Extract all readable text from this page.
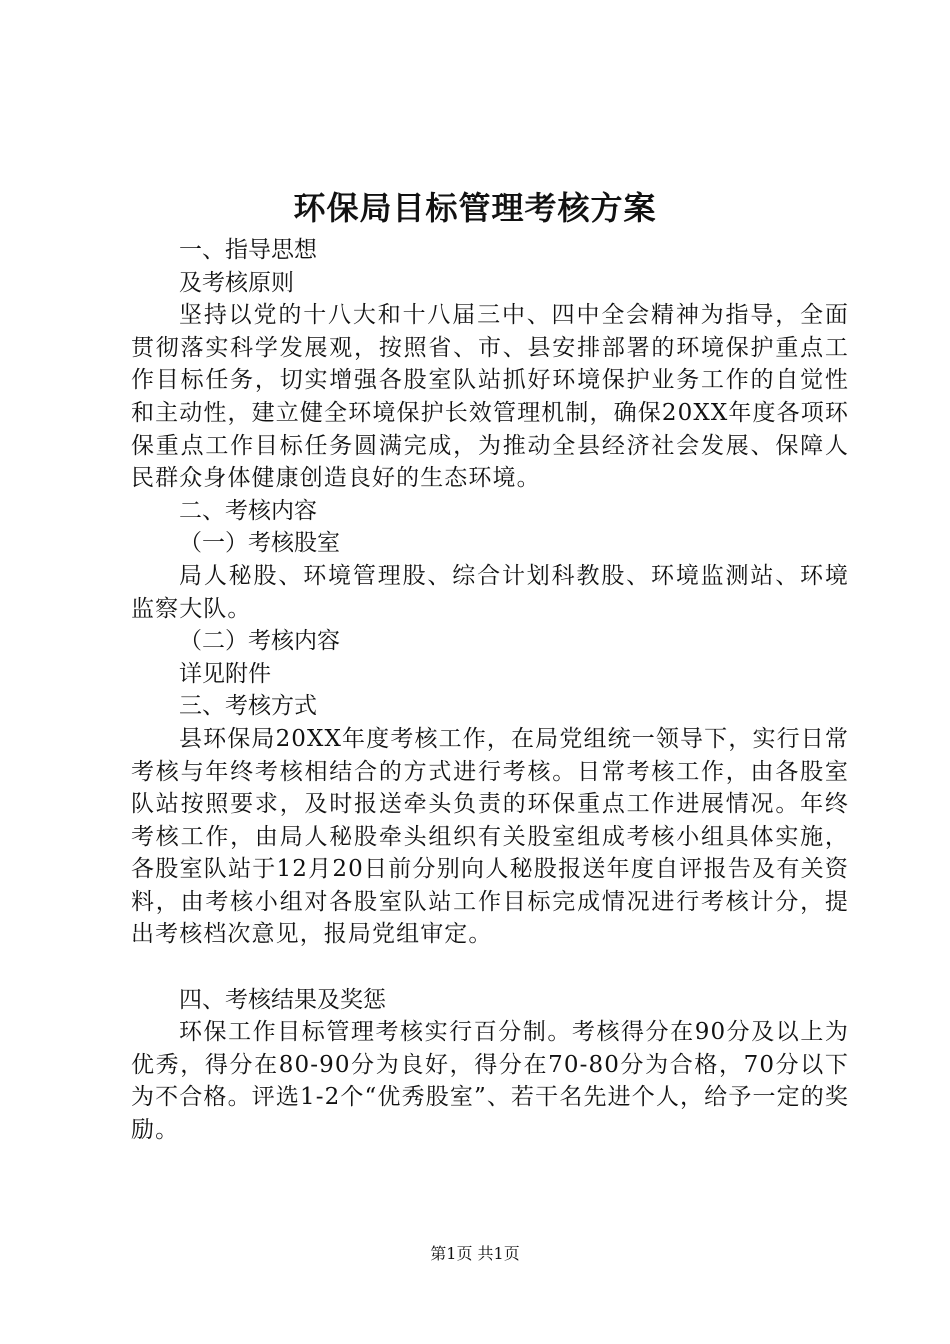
环保局目标管理考核方案

一、指导思想

及考核原则

坚持以党的十八大和十八届三中、四中全会精神为指导，全面贯彻落实科学发展观，按照省、市、县安排部署的环境保护重点工作目标任务，切实增强各股室队站抓好环境保护业务工作的自觉性和主动性，建立健全环境保护长效管理机制，确保20XX年度各项环保重点工作目标任务圆满完成，为推动全县经济社会发展、保障人民群众身体健康创造良好的生态环境。

二、考核内容

（一）考核股室

局人秘股、环境管理股、综合计划科教股、环境监测站、环境监察大队。

（二）考核内容

详见附件

三、考核方式

县环保局20XX年度考核工作，在局党组统一领导下，实行日常考核与年终考核相结合的方式进行考核。日常考核工作，由各股室队站按照要求，及时报送牵头负责的环保重点工作进展情况。年终考核工作，由局人秘股牵头组织有关股室组成考核小组具体实施，各股室队站于12月20日前分别向人秘股报送年度自评报告及有关资料，由考核小组对各股室队站工作目标完成情况进行考核计分，提出考核档次意见，报局党组审定。

四、考核结果及奖惩

环保工作目标管理考核实行百分制。考核得分在90分及以上为优秀，得分在80-90分为良好，得分在70-80分为合格，70分以下为不合格。评选1-2个“优秀股室”、若干名先进个人，给予一定的奖励。

第1页 共1页
